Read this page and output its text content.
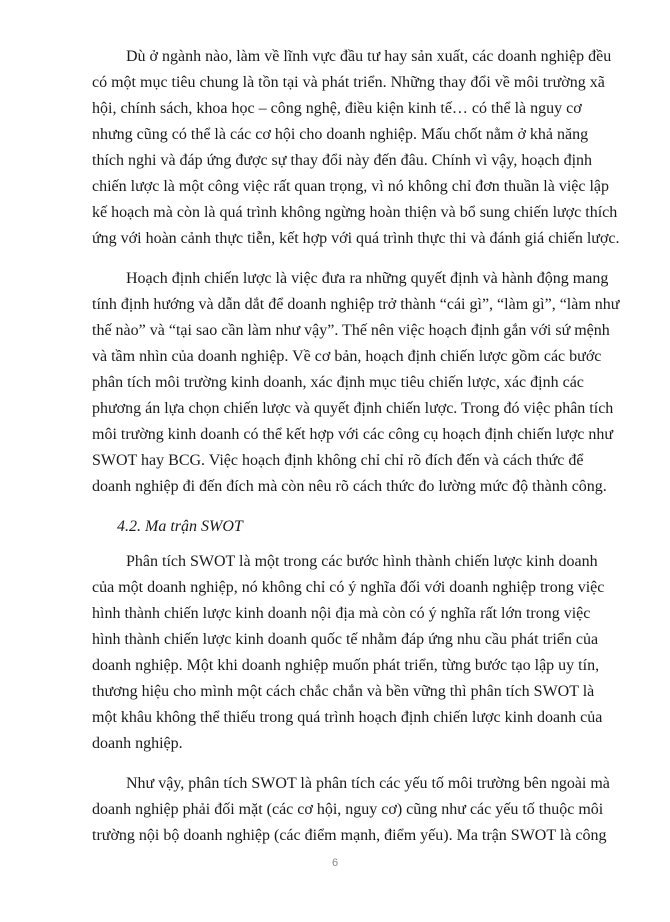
Dù ở ngành nào, làm về lĩnh vực đầu tư hay sản xuất, các doanh nghiệp đều
có một mục tiêu chung là tồn tại và phát triển. Những thay đổi về môi trường xã
hội, chính sách, khoa học – công nghệ, điều kiện kinh tế… có thể là nguy cơ
nhưng cũng có thể là các cơ hội cho doanh nghiệp. Mấu chốt nằm ở khả năng
thích nghi và đáp ứng được sự thay đổi này đến đâu. Chính vì vậy, hoạch định
chiến lược là một công việc rất quan trọng, vì nó không chỉ đơn thuần là việc lập
kế hoạch mà còn là quá trình không ngừng hoàn thiện và bổ sung chiến lược thích
ứng với hoàn cảnh thực tiễn, kết hợp với quá trình thực thi và đánh giá chiến lược.
Hoạch định chiến lược là việc đưa ra những quyết định và hành động mang
tính định hướng và dẫn dắt để doanh nghiệp trở thành “cái gì”, “làm gì”, “làm như
thế nào” và “tại sao cần làm như vậy”. Thế nên việc hoạch định gắn với sứ mệnh
và tầm nhìn của doanh nghiệp. Về cơ bản, hoạch định chiến lược gồm các bước
phân tích môi trường kinh doanh, xác định mục tiêu chiến lược, xác định các
phương án lựa chọn chiến lược và quyết định chiến lược. Trong đó việc phân tích
môi trường kinh doanh có thể kết hợp với các công cụ hoạch định chiến lược như
SWOT hay BCG. Việc hoạch định không chỉ chỉ rõ đích đến và cách thức để
doanh nghiệp đi đến đích mà còn nêu rõ cách thức đo lường mức độ thành công.
4.2. Ma trận SWOT
Phân tích SWOT là một trong các bước hình thành chiến lược kinh doanh
của một doanh nghiệp, nó không chỉ có ý nghĩa đối với doanh nghiệp trong việc
hình thành chiến lược kinh doanh nội địa mà còn có ý nghĩa rất lớn trong việc
hình thành chiến lược kinh doanh quốc tế nhằm đáp ứng nhu cầu phát triển của
doanh nghiệp. Một khi doanh nghiệp muốn phát triển, từng bước tạo lập uy tín,
thương hiệu cho mình một cách chắc chắn và bền vững thì phân tích SWOT là
một khâu không thể thiếu trong quá trình hoạch định chiến lược kinh doanh của
doanh nghiệp.
Như vậy, phân tích SWOT là phân tích các yếu tố môi trường bên ngoài mà
doanh nghiệp phải đối mặt (các cơ hội, nguy cơ) cũng như các yếu tố thuộc môi
trường nội bộ doanh nghiệp (các điểm mạnh, điểm yếu). Ma trận SWOT là công
6
